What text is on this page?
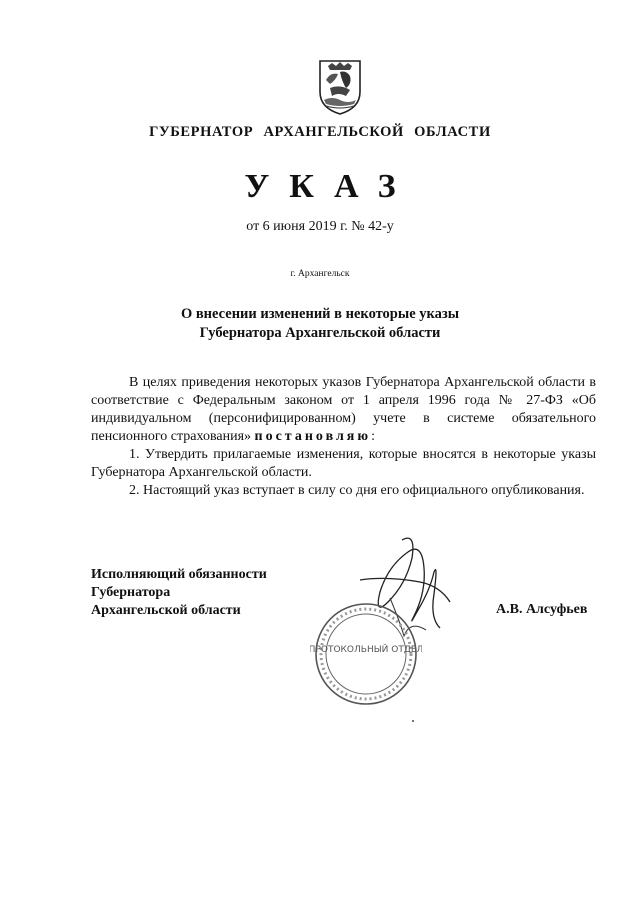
ГУБЕРНАТОР АРХАНГЕЛЬСКОЙ ОБЛАСТИ
УКАЗ
от 6 июня 2019 г. № 42-у
г. Архангельск
О внесении изменений в некоторые указы
Губернатора Архангельской области

В целях приведения некоторых указов Губернатора Архангельской области в соответствие с Федеральным законом от 1 апреля 1996 года № 27-ФЗ «Об индивидуальном (персонифицированном) учете в системе обязательного пенсионного страхования» постановляю:

1. Утвердить прилагаемые изменения, которые вносятся в некоторые указы Губернатора Архангельской области.

2. Настоящий указ вступает в силу со дня его официального опубликования.

ПРОТОКОЛЬНЫЙ ОТДЕЛ
Исполняющий обязанности
Губернатора
Архангельской области	А.В. Алсуфьев
